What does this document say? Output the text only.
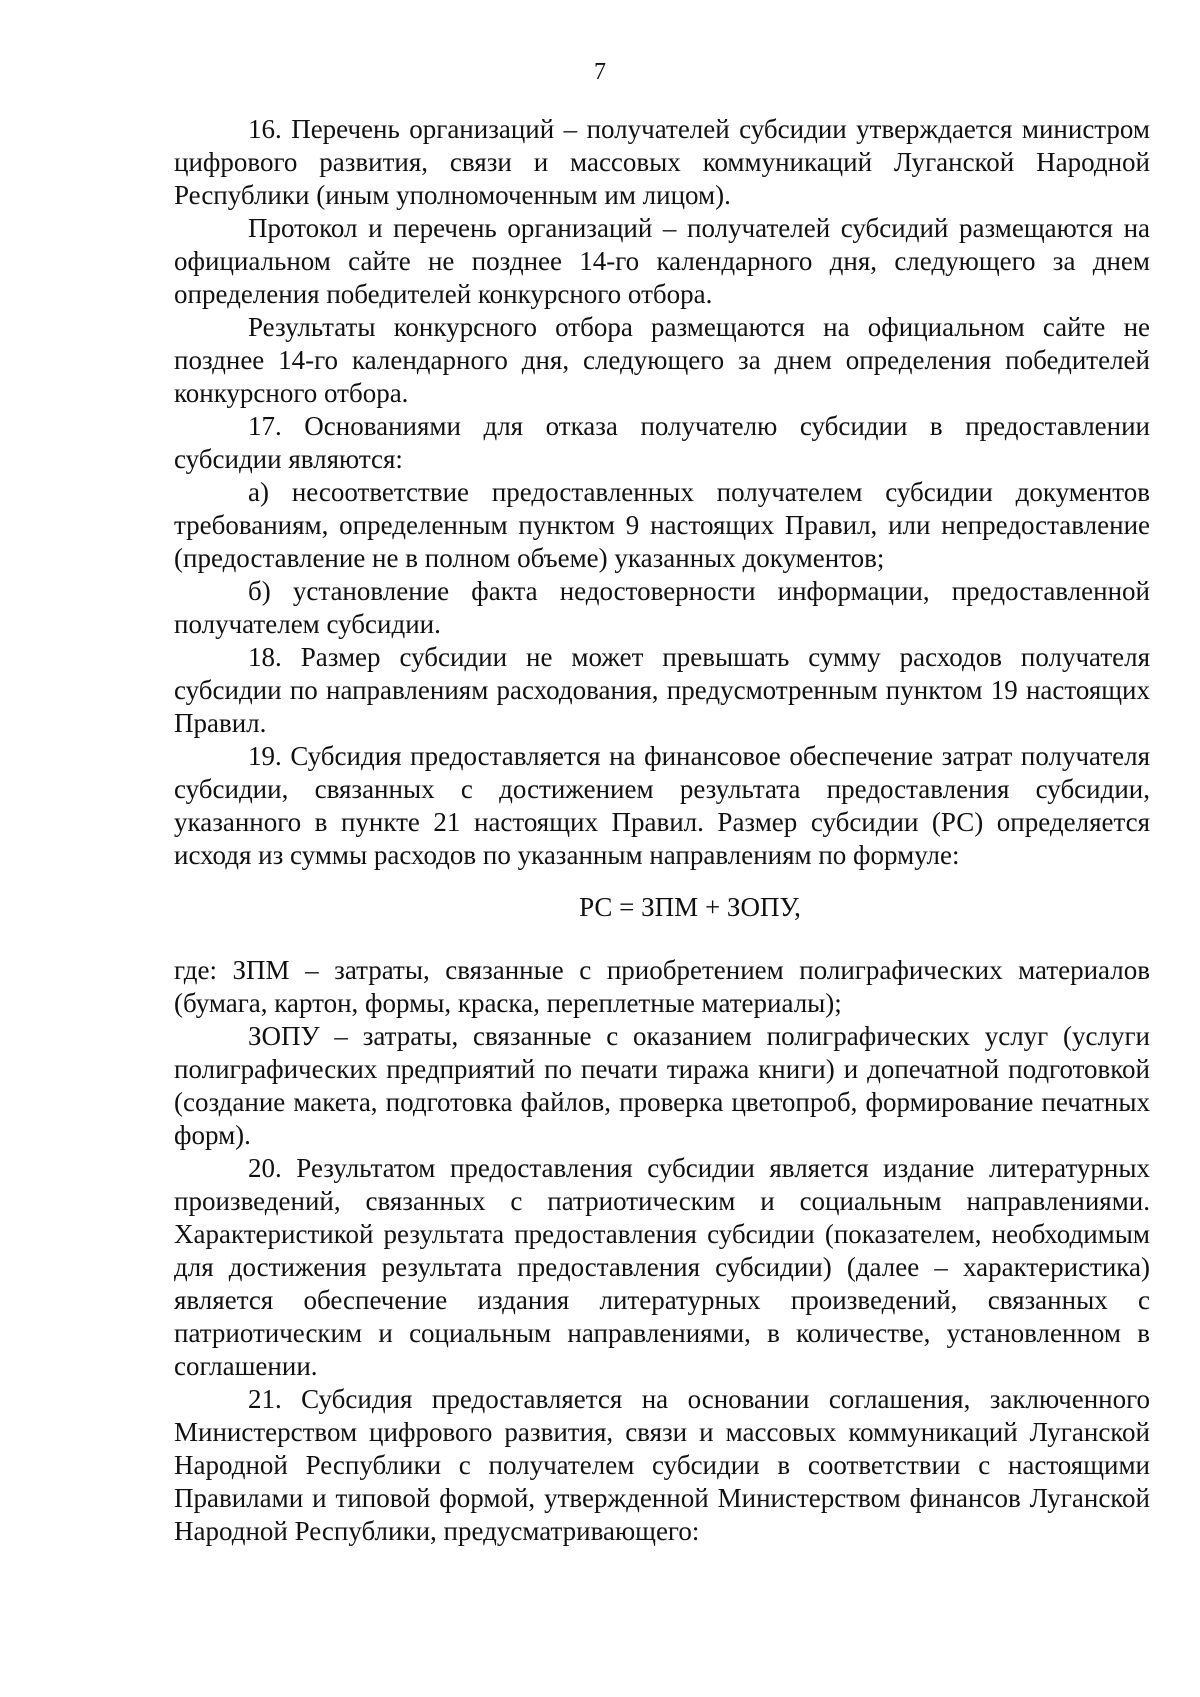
7

16. Перечень организаций – получателей субсидии утверждается министром цифрового развития, связи и массовых коммуникаций Луганской Народной Республики (иным уполномоченным им лицом).

Протокол и перечень организаций – получателей субсидий размещаются на официальном сайте не позднее 14-го календарного дня, следующего за днем определения победителей конкурсного отбора.

Результаты конкурсного отбора размещаются на официальном сайте не позднее 14-го календарного дня, следующего за днем определения победителей конкурсного отбора.

17. Основаниями для отказа получателю субсидии в предоставлении субсидии являются:

а) несоответствие предоставленных получателем субсидии документов требованиям, определенным пунктом 9 настоящих Правил, или непредоставление (предоставление не в полном объеме) указанных документов;

б) установление факта недостоверности информации, предоставленной получателем субсидии.

18. Размер субсидии не может превышать сумму расходов получателя субсидии по направлениям расходования, предусмотренным пунктом 19 настоящих Правил.

19. Субсидия предоставляется на финансовое обеспечение затрат получателя субсидии, связанных с достижением результата предоставления субсидии, указанного в пункте 21 настоящих Правил. Размер субсидии (РС) определяется исходя из суммы расходов по указанным направлениям по формуле:

РС = ЗПМ + ЗОПУ,

где: ЗПМ – затраты, связанные с приобретением полиграфических материалов (бумага, картон, формы, краска, переплетные материалы);

ЗОПУ – затраты, связанные с оказанием полиграфических услуг (услуги полиграфических предприятий по печати тиража книги) и допечатной подготовкой (создание макета, подготовка файлов, проверка цветопроб, формирование печатных форм).

20. Результатом предоставления субсидии является издание литературных произведений, связанных с патриотическим и социальным направлениями. Характеристикой результата предоставления субсидии (показателем, необходимым для достижения результата предоставления субсидии) (далее – характеристика) является обеспечение издания литературных произведений, связанных с патриотическим и социальным направлениями, в количестве, установленном в соглашении.

21. Субсидия предоставляется на основании соглашения, заключенного Министерством цифрового развития, связи и массовых коммуникаций Луганской Народной Республики с получателем субсидии в соответствии с настоящими Правилами и типовой формой, утвержденной Министерством финансов Луганской Народной Республики, предусматривающего:
